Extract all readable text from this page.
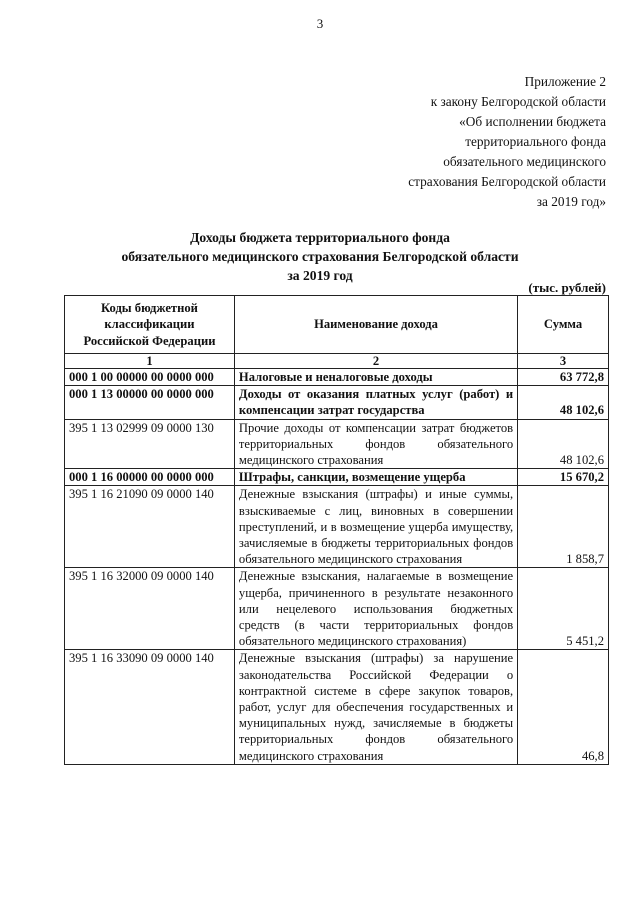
3
Приложение 2
к закону Белгородской области
«Об исполнении бюджета
территориального фонда
обязательного медицинского
страхования Белгородской области
за 2019 год»
Доходы бюджета территориального фонда
обязательного медицинского страхования Белгородской области
за 2019 год
(тыс. рублей)
Коды бюджетной
классификации
Российской Федерации	Наименование дохода	Сумма
1	2	3
000 1 00 00000 00 0000 000	Налоговые и неналоговые доходы	63 772,8
000 1 13 00000 00 0000 000	Доходы от оказания платных услуг (работ) и компенсации затрат государства	48 102,6
395 1 13 02999 09 0000 130	Прочие доходы от компенсации затрат бюджетов территориальных фондов обязательного медицинского страхования	48 102,6
000 1 16 00000 00 0000 000	Штрафы, санкции, возмещение ущерба	15 670,2
395 1 16 21090 09 0000 140	Денежные взыскания (штрафы) и иные суммы, взыскиваемые с лиц, виновных в совершении преступлений, и в возмещение ущерба имуществу, зачисляемые в бюджеты территориальных фондов обязательного медицинского страхования	1 858,7
395 1 16 32000 09 0000 140	Денежные взыскания, налагаемые в возмещение ущерба, причиненного в результате незаконного или нецелевого использования бюджетных средств (в части территориальных фондов обязательного медицинского страхования)	5 451,2
395 1 16 33090 09 0000 140	Денежные взыскания (штрафы) за нарушение законодательства Российской Федерации о контрактной системе в сфере закупок товаров, работ, услуг для обеспечения государственных и муниципальных нужд, зачисляемые в бюджеты территориальных фондов обязательного медицинского страхования	46,8
